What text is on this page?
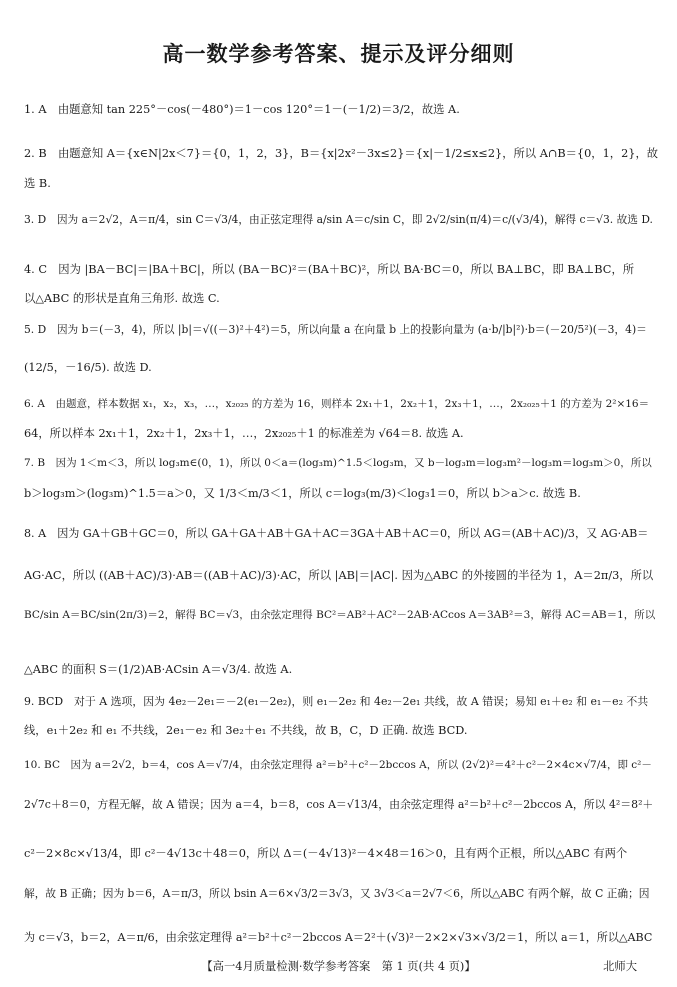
高一数学参考答案、提示及评分细则
1. A　由题意知 tan 225°－cos(－480°)＝1－cos 120°＝1－(－1/2)＝3/2，故选 A.
2. B　由题意知 A＝{x∈N|2x＜7}＝{0，1，2，3}，B＝{x|2x²－3x≤2}＝{x|－1/2≤x≤2}，所以 A∩B＝{0，1，2}，故
选 B.
3. D　因为 a＝2√2，A＝π/4，sin C＝√3/4，由正弦定理得 a/sin A＝c/sin C，即 2√2/sin(π/4)＝c/(√3/4)，解得 c＝√3. 故选 D.
4. C　因为 |BA－BC|＝|BA＋BC|，所以 (BA－BC)²＝(BA＋BC)²，所以 BA·BC＝0，所以 BA⊥BC，即 BA⊥BC，所
以△ABC 的形状是直角三角形. 故选 C.
5. D　因为 b＝(－3，4)，所以 |b|＝√((－3)²＋4²)＝5，所以向量 a 在向量 b 上的投影向量为 (a·b/|b|²)·b＝(－20/5²)(－3，4)＝
(12/5，－16/5). 故选 D.
6. A　由题意，样本数据 x₁，x₂，x₃，…，x₂₀₂₅ 的方差为 16，则样本 2x₁＋1，2x₂＋1，2x₃＋1，…，2x₂₀₂₅＋1 的方差为 2²×16＝
64，所以样本 2x₁＋1，2x₂＋1，2x₃＋1，…，2x₂₀₂₅＋1 的标准差为 √64＝8. 故选 A.
7. B　因为 1＜m＜3，所以 log₃m∈(0，1)，所以 0＜a＝(log₃m)^1.5＜log₃m，又 b－log₃m＝log₃m²－log₃m＝log₃m＞0，所以
b＞log₃m＞(log₃m)^1.5＝a＞0，又 1/3＜m/3＜1，所以 c＝log₃(m/3)＜log₃1＝0，所以 b＞a＞c. 故选 B.
8. A　因为 GA＋GB＋GC＝0，所以 GA＋GA＋AB＋GA＋AC＝3GA＋AB＋AC＝0，所以 AG＝(AB＋AC)/3，又 AG·AB＝
AG·AC，所以 ((AB＋AC)/3)·AB＝((AB＋AC)/3)·AC，所以 |AB|＝|AC|. 因为△ABC 的外接圆的半径为 1，A＝2π/3，所以
BC/sin A＝BC/sin(2π/3)＝2，解得 BC＝√3，由余弦定理得 BC²＝AB²＋AC²－2AB·ACcos A＝3AB²＝3，解得 AC＝AB＝1，所以
△ABC 的面积 S＝(1/2)AB·ACsin A＝√3/4. 故选 A.
9. BCD　对于 A 选项，因为 4e₂－2e₁＝－2(e₁－2e₂)，则 e₁－2e₂ 和 4e₂－2e₁ 共线，故 A 错误；易知 e₁＋e₂ 和 e₁－e₂ 不共
线，e₁＋2e₂ 和 e₁ 不共线，2e₁－e₂ 和 3e₂＋e₁ 不共线，故 B，C，D 正确. 故选 BCD.
10. BC　因为 a＝2√2，b＝4，cos A＝√7/4，由余弦定理得 a²＝b²＋c²－2bccos A，所以 (2√2)²＝4²＋c²－2×4c×√7/4，即 c²－
2√7c＋8＝0，方程无解，故 A 错误；因为 a＝4，b＝8，cos A＝√13/4，由余弦定理得 a²＝b²＋c²－2bccos A，所以 4²＝8²＋
c²－2×8c×√13/4，即 c²－4√13c＋48＝0，所以 Δ＝(－4√13)²－4×48＝16＞0，且有两个正根，所以△ABC 有两个
解，故 B 正确；因为 b＝6，A＝π/3，所以 bsin A＝6×√3/2＝3√3，又 3√3＜a＝2√7＜6，所以△ABC 有两个解，故 C 正确；因
为 c＝√3，b＝2，A＝π/6，由余弦定理得 a²＝b²＋c²－2bccos A＝2²＋(√3)²－2×2×√3×√3/2＝1，所以 a＝1，所以△ABC
【高一4月质量检测·数学参考答案　第 1 页(共 4 页)】	北师大
